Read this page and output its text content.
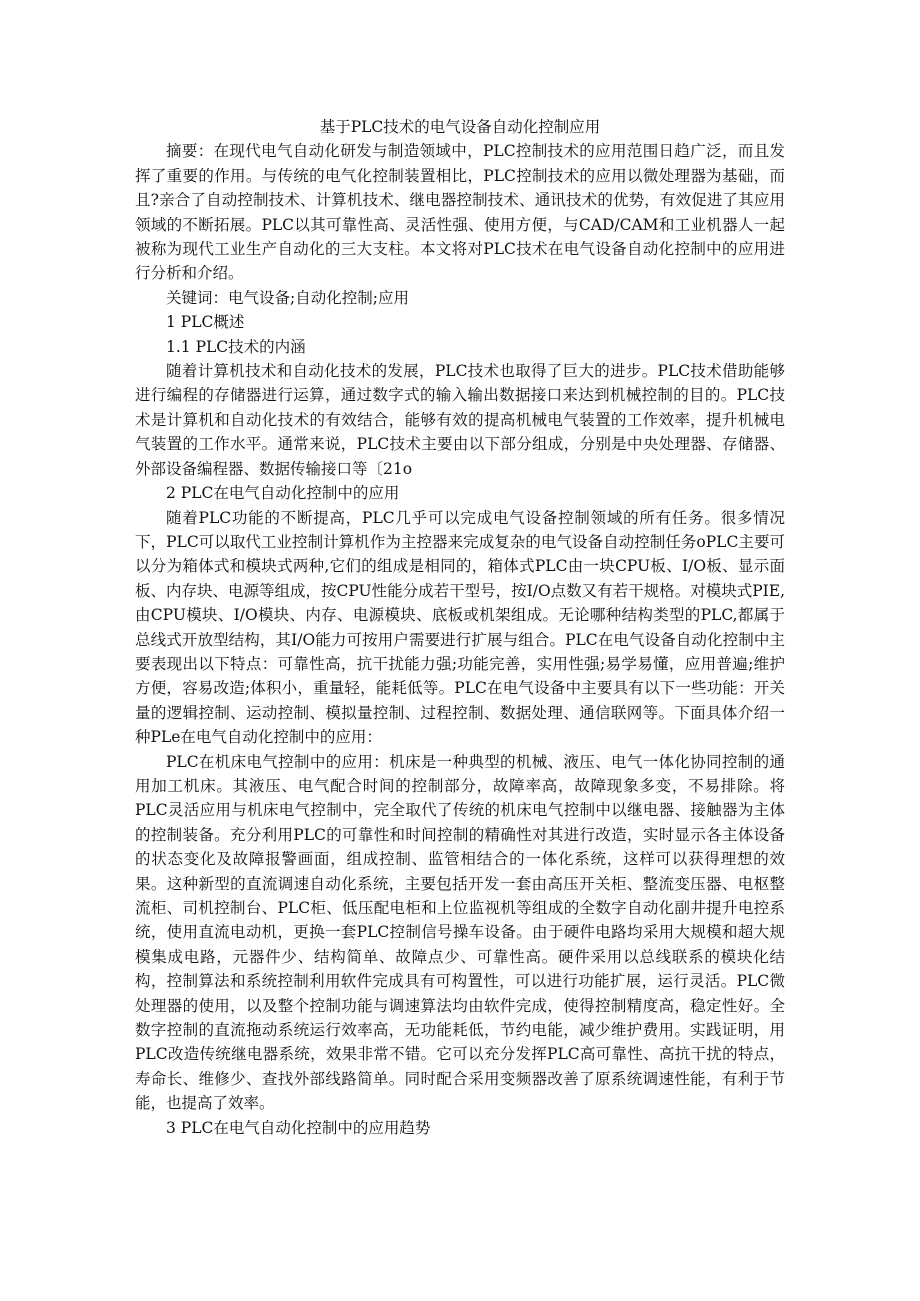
基于PLC技术的电气设备自动化控制应用

摘要：在现代电气自动化研发与制造领域中，PLC控制技术的应用范围日趋广泛，而且发挥了重要的作用。与传统的电气化控制装置相比，PLC控制技术的应用以微处理器为基础，而且?亲合了自动控制技术、计算机技术、继电器控制技术、通讯技术的优势，有效促进了其应用领域的不断拓展。PLC以其可靠性高、灵活性强、使用方便，与CAD/CAM和工业机器人一起被称为现代工业生产自动化的三大支柱。本文将对PLC技术在电气设备自动化控制中的应用进行分析和介绍。

关键词：电气设备;自动化控制;应用

1 PLC概述

1.1 PLC技术的内涵

随着计算机技术和自动化技术的发展，PLC技术也取得了巨大的进步。PLC技术借助能够进行编程的存储器进行运算，通过数字式的输入输出数据接口来达到机械控制的目的。PLC技术是计算机和自动化技术的有效结合，能够有效的提高机械电气装置的工作效率，提升机械电气装置的工作水平。通常来说，PLC技术主要由以下部分组成，分别是中央处理器、存储器、外部设备编程器、数据传输接口等〔21o

2 PLC在电气自动化控制中的应用

随着PLC功能的不断提高，PLC几乎可以完成电气设备控制领域的所有任务。很多情况下，PLC可以取代工业控制计算机作为主控器来完成复杂的电气设备自动控制任务oPLC主要可以分为箱体式和模块式两种,它们的组成是相同的，箱体式PLC由一块CPU板、I/O板、显示面板、内存块、电源等组成，按CPU性能分成若干型号，按I/O点数又有若干规格。对模块式PIE,由CPU模块、I/O模块、内存、电源模块、底板或机架组成。无论哪种结构类型的PLC,都属于总线式开放型结构，其I/O能力可按用户需要进行扩展与组合。PLC在电气设备自动化控制中主要表现出以下特点：可靠性高，抗干扰能力强;功能完善，实用性强;易学易懂，应用普遍;维护方便，容易改造;体积小，重量轻，能耗低等。PLC在电气设备中主要具有以下一些功能：开关量的逻辑控制、运动控制、模拟量控制、过程控制、数据处理、通信联网等。下面具体介绍一种PLe在电气自动化控制中的应用：

PLC在机床电气控制中的应用：机床是一种典型的机械、液压、电气一体化协同控制的通用加工机床。其液压、电气配合时间的控制部分，故障率高，故障现象多变，不易排除。将PLC灵活应用与机床电气控制中，完全取代了传统的机床电气控制中以继电器、接触器为主体的控制装备。充分利用PLC的可靠性和时间控制的精确性对其进行改造，实时显示各主体设备的状态变化及故障报警画面，组成控制、监管相结合的一体化系统，这样可以获得理想的效果。这种新型的直流调速自动化系统，主要包括开发一套由高压开关柜、整流变压器、电枢整流柜、司机控制台、PLC柜、低压配电柜和上位监视机等组成的全数字自动化副井提升电控系统，使用直流电动机，更换一套PLC控制信号操车设备。由于硬件电路均采用大规模和超大规模集成电路，元器件少、结构简单、故障点少、可靠性高。硬件采用以总线联系的模块化结构，控制算法和系统控制利用软件完成具有可构置性，可以进行功能扩展，运行灵活。PLC微处理器的使用，以及整个控制功能与调速算法均由软件完成，使得控制精度高，稳定性好。全数字控制的直流拖动系统运行效率高，无功能耗低，节约电能，减少维护费用。实践证明，用PLC改造传统继电器系统，效果非常不错。它可以充分发挥PLC高可靠性、高抗干扰的特点，寿命长、维修少、查找外部线路简单。同时配合采用变频器改善了原系统调速性能，有利于节能，也提高了效率。

3 PLC在电气自动化控制中的应用趋势
